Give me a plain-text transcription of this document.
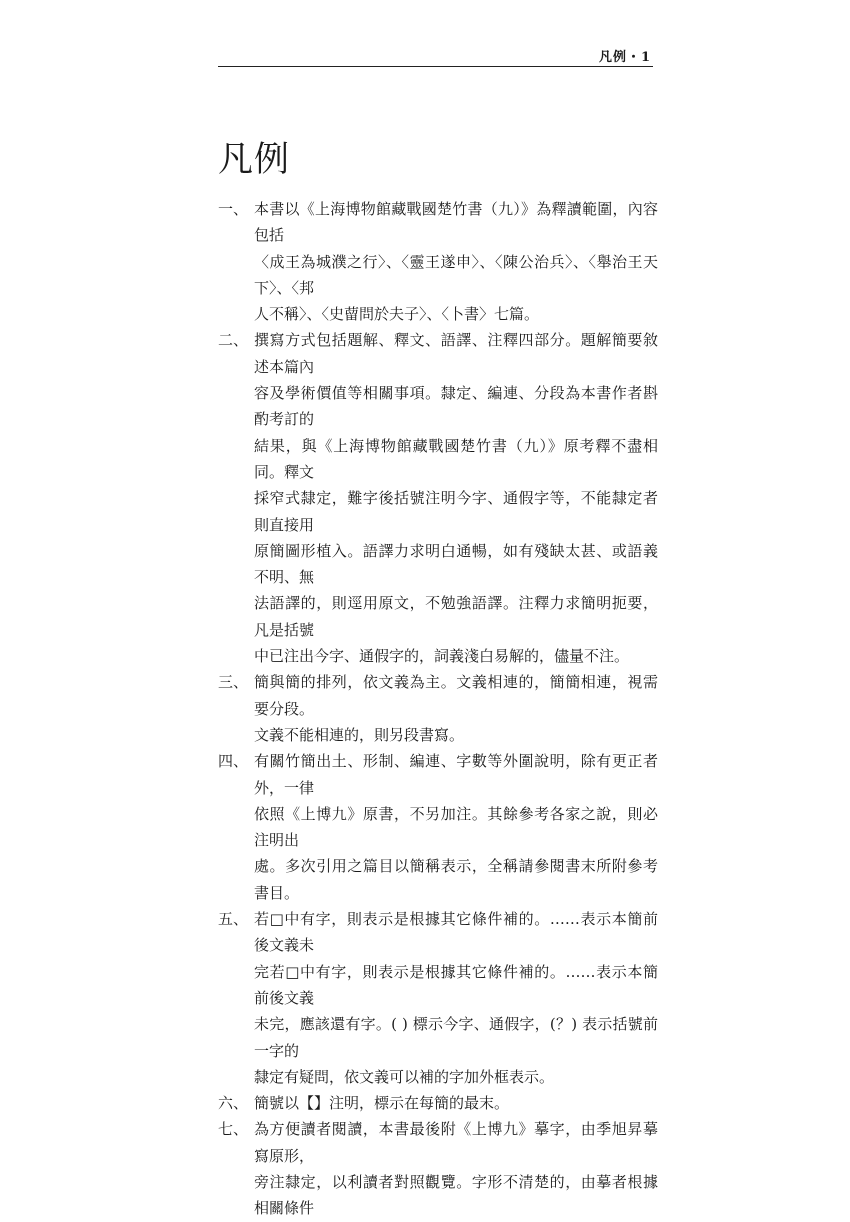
凡例・1
凡例
一、 本書以《上海博物館藏戰國楚竹書（九）》為釋讀範圍，內容包括
〈成王為城濮之行〉、〈靈王遂申〉、〈陳公治兵〉、〈舉治王天下〉、〈邦
人不稱〉、〈史蒥問於夫子〉、〈卜書〉七篇。
二、 撰寫方式包括題解、釋文、語譯、注釋四部分。題解簡要敘述本篇內
容及學術價值等相關事項。隸定、編連、分段為本書作者斟酌考訂的
結果，與《上海博物館藏戰國楚竹書（九）》原考釋不盡相同。釋文
採窄式隸定，難字後括號注明今字、通假字等，不能隸定者則直接用
原簡圖形植入。語譯力求明白通暢，如有殘缺太甚、或語義不明、無
法語譯的，則逕用原文，不勉強語譯。注釋力求簡明扼要，凡是括號
中已注出今字、通假字的，詞義淺白易解的，儘量不注。
三、 簡與簡的排列，依文義為主。文義相連的，簡簡相連，視需要分段。
文義不能相連的，則另段書寫。
四、 有關竹簡出土、形制、編連、字數等外圍說明，除有更正者外，一律
依照《上博九》原書，不另加注。其餘參考各家之說，則必注明出
處。多次引用之篇目以簡稱表示，全稱請參閱書末所附參考書目。
五、 若□中有字，則表示是根據其它條件補的。……表示本簡前後文義未
完若□中有字，則表示是根據其它條件補的。……表示本簡前後文義
未完，應該還有字。( ) 標示今字、通假字，(？) 表示括號前一字的
隸定有疑問，依文義可以補的字加外框表示。
六、 簡號以【】注明，標示在每簡的最末。
七、 為方便讀者閱讀，本書最後附《上博九》摹字，由季旭昇摹寫原形，
旁注隸定，以利讀者對照觀覽。字形不清楚的，由摹者根據相關條件
